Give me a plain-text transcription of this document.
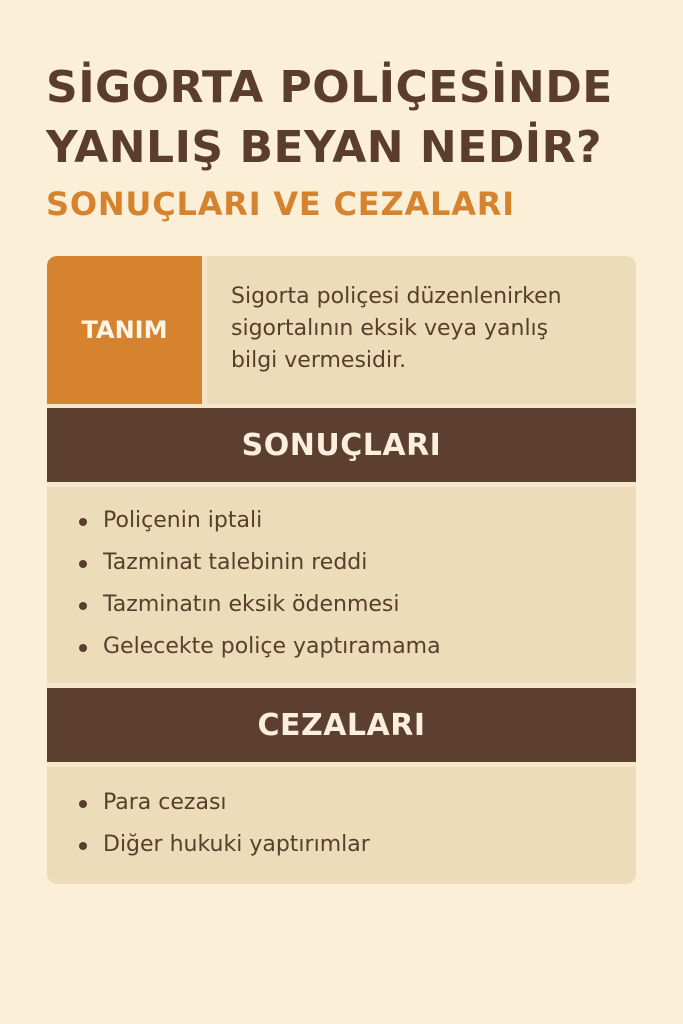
SİGORTA POLİÇESİNDE
YANLIŞ BEYAN NEDİR?
SONUÇLARI VE CEZALARI
TANIM
Sigorta poliçesi düzenlenirken
sigortalının eksik veya yanlış
bilgi vermesidir.
SONUÇLARI
Poliçenin iptali
Tazminat talebinin reddi
Tazminatın eksik ödenmesi
Gelecekte poliçe yaptıramama
CEZALARI
Para cezası
Diğer hukuki yaptırımlar
